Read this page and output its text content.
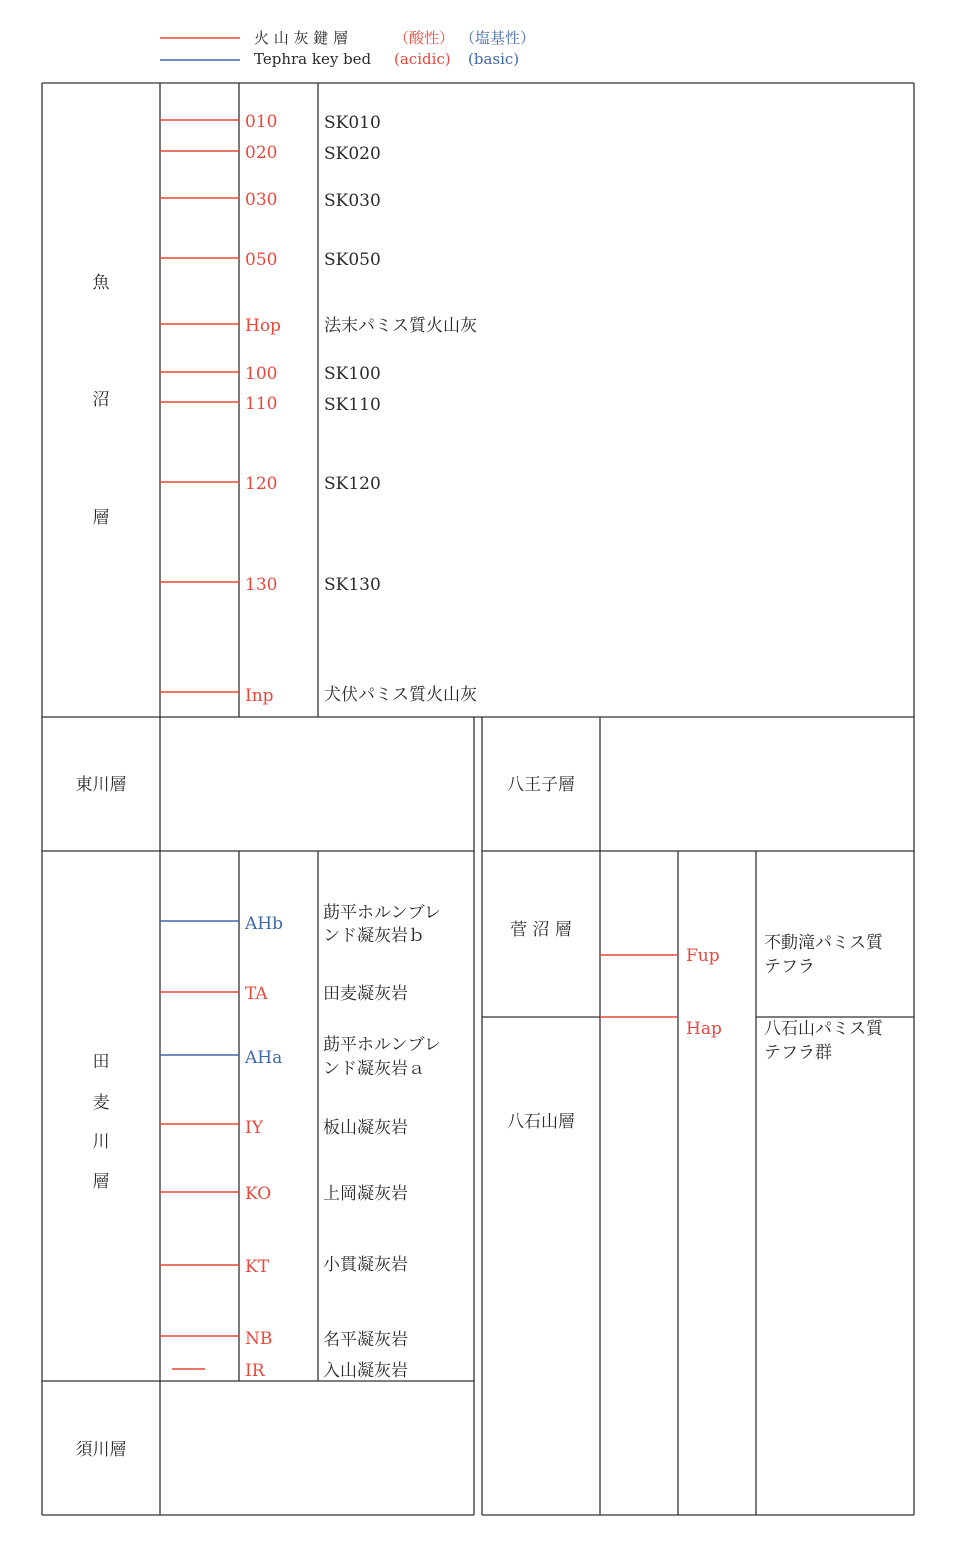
火 山 灰 鍵 層	（酸性） （塩基性）
Tephra key bed (acidic) (basic)
魚
沼
層
東川層
田
麦
川
層
須川層
八王子層
菅 沼 層
八石山層
010
020
030
050
Hop
100
110
120
130
Inp
SK010
SK020
SK030
SK050
法末パミス質火山灰
SK100
SK110
SK120
SK130
犬伏パミス質火山灰
AHb
TA
AHa
IY
KO
KT
NB
IR
莇平ホルンブレ
ンド凝灰岩ｂ
田麦凝灰岩
莇平ホルンブレ
ンド凝灰岩ａ
板山凝灰岩
上岡凝灰岩
小貫凝灰岩
名平凝灰岩
入山凝灰岩
Fup
Hap
不動滝パミス質
テフラ
八石山パミス質
テフラ群
